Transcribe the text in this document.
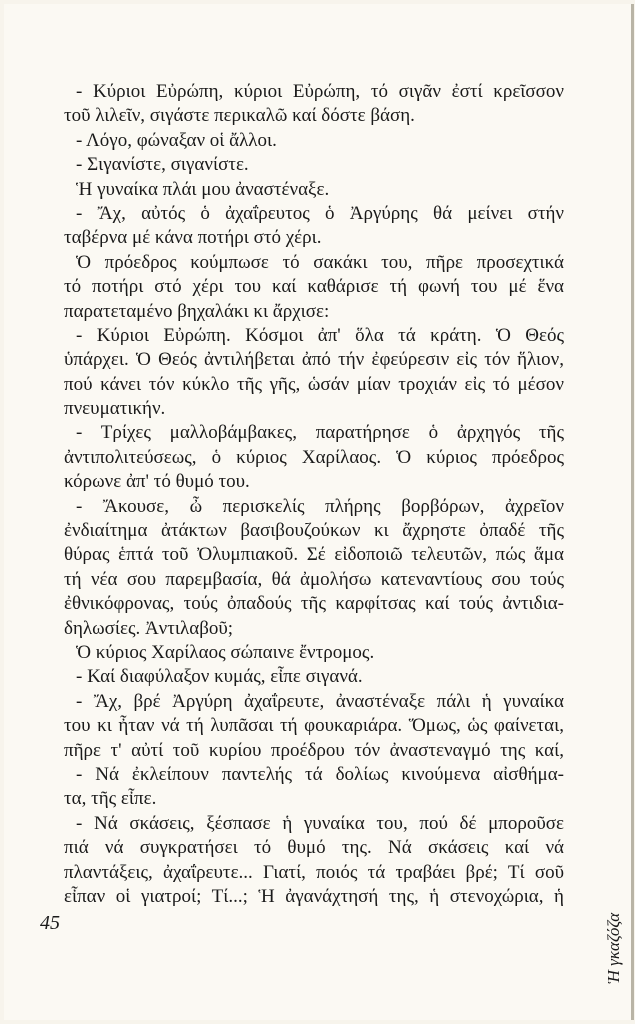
- Κύριοι Εὐρώπη, κύριοι Εὐρώπη, τό σιγᾶν ἐστί κρεῖσσον
τοῦ λιλεῖν, σιγάστε περικαλῶ καί δόστε βάση.
- Λόγο, φώναξαν οἱ ἄλλοι.
- Σιγανίστε, σιγανίστε.
Ἡ γυναίκα πλάι μου ἀναστέναξε.
- Ἄχ, αὐτός ὁ ἀχαΐρευτος ὁ Ἀργύρης θά μείνει στήν
ταβέρνα μέ κάνα ποτήρι στό χέρι.
Ὁ πρόεδρος κούμπωσε τό σακάκι του, πῆρε προσεχτικά
τό ποτήρι στό χέρι του καί καθάρισε τή φωνή του μέ ἕνα
παρατεταμένο βηχαλάκι κι ἄρχισε:
- Κύριοι Εὐρώπη. Κόσμοι ἀπ' ὅλα τά κράτη. Ὁ Θεός
ὑπάρχει. Ὁ Θεός ἀντιλήβεται ἀπό τήν ἐφεύρεσιν εἰς τόν ἥλιον,
πού κάνει τόν κύκλο τῆς γῆς, ὡσάν μίαν τροχιάν εἰς τό μέσον
πνευματικήν.
- Τρίχες μαλλοβάμβακες, παρατήρησε ὁ ἀρχηγός τῆς
ἀντιπολιτεύσεως, ὁ κύριος Χαρίλαος. Ὁ κύριος πρόεδρος
κόρωνε ἀπ' τό θυμό του.
- Ἄκουσε, ὦ περισκελίς πλήρης βορβόρων, ἀχρεῖον
ἐνδιαίτημα ἀτάκτων βασιβουζούκων κι ἄχρηστε ὀπαδέ τῆς
θύρας ἑπτά τοῦ Ὀλυμπιακοῦ. Σέ εἰδοποιῶ τελευτῶν, πώς ἅμα
τή νέα σου παρεμβασία, θά ἀμολήσω κατεναντίους σου τούς
ἐθνικόφρονας, τούς ὀπαδούς τῆς καρφίτσας καί τούς ἀντιδια-
δηλωσίες. Ἀντιλαβοῦ;
Ὁ κύριος Χαρίλαος σώπαινε ἔντρομος.
- Καί διαφύλαξον κυμάς, εἶπε σιγανά.
- Ἄχ, βρέ Ἀργύρη ἀχαΐρευτε, ἀναστέναξε πάλι ἡ γυναίκα
του κι ἦταν νά τή λυπᾶσαι τή φουκαριάρα. Ὅμως, ὡς φαίνεται,
πῆρε τ' αὐτί τοῦ κυρίου προέδρου τόν ἀναστεναγμό της καί,
- Νά ἐκλείπουν παντελής τά δολίως κινούμενα αἰσθήμα-
τα, τῆς εἶπε.
- Νά σκάσεις, ξέσπασε ἡ γυναίκα του, πού δέ μποροῦσε
πιά νά συγκρατήσει τό θυμό της. Νά σκάσεις καί νά
πλαντάξεις, ἀχαΐρευτε... Γιατί, ποιός τά τραβάει βρέ; Τί σοῦ
εἶπαν οἱ γιατροί; Τί...; Ἡ ἀγανάχτησή της, ἡ στενοχώρια, ἡ
45	Ἡ γκαζόζα
